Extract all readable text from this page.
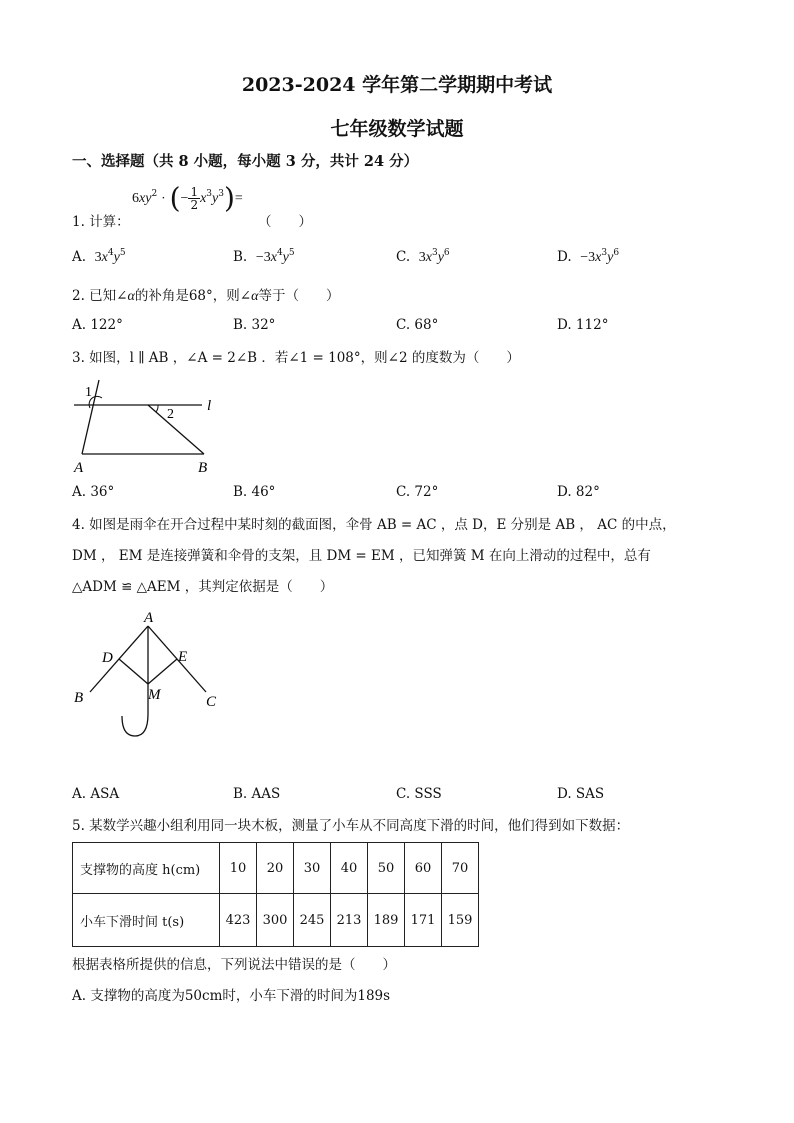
2023-2024 学年第二学期期中考试
七年级数学试题
一、选择题（共 8 小题，每小题 3 分，共计 24 分）
$6xy^2$ · (− $\frac{1}{2} x^3y^3)=$
1. 计算：	（　　）
A. $3x^4y^5$	B. $-3x^4y^5$	C. $3x^3y^6$	D. $-3x^3y^6$
2. 已知∠α的补角是68°，则∠α等于（　　）
A. 122°	B. 32°	C. 68°	D. 112°
3. 如图，l ∥ AB ，∠A = 2∠B ．若∠1 = 108°，则∠2 的度数为（　　）
1
2
l
A	B
A. 36°	B. 46°	C. 72°	D. 82°
4. 如图是雨伞在开合过程中某时刻的截面图，伞骨 AB = AC ，点 D，E 分别是 AB ， AC 的中点，
DM ， EM 是连接弹簧和伞骨的支架，且 DM = EM ，已知弹簧 M 在向上滑动的过程中，总有
△ADM ≌ △AEM ，其判定依据是（　　）
A
D	E
B	M	C
A. ASA	B. AAS	C. SSS	D. SAS
5. 某数学兴趣小组利用同一块木板，测量了小车从不同高度下滑的时间，他们得到如下数据：
支撑物的高度 h(cm)	10	20	30	40	50	60	70
小车下滑时间 t(s)	423	300	245	213	189	171	159
根据表格所提供的信息，下列说法中错误的是（　　）
A. 支撑物的高度为50cm时，小车下滑的时间为189s
